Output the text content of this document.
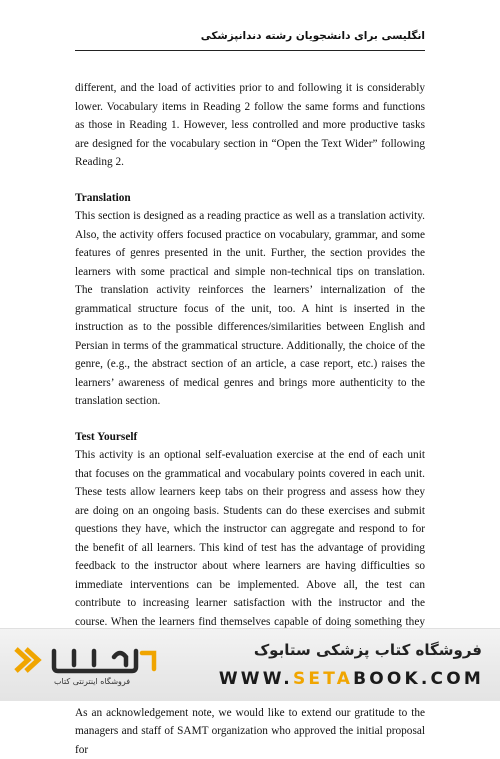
انگلیسی برای دانشجویان رشته دندانپزشکی

different, and the load of activities prior to and following it is considerably lower. Vocabulary items in Reading 2 follow the same forms and functions as those in Reading 1. However, less controlled and more productive tasks are designed for the vocabulary section in “Open the Text Wider” following Reading 2.

Translation

This section is designed as a reading practice as well as a translation activity. Also, the activity offers focused practice on vocabulary, grammar, and some features of genres presented in the unit. Further, the section provides the learners with some practical and simple non-technical tips on translation. The translation activity reinforces the learners’ internalization of the grammatical structure focus of the unit, too. A hint is inserted in the instruction as to the possible differences/similarities between English and Persian in terms of the grammatical structure. Additionally, the choice of the genre, (e.g., the abstract section of an article, a case report, etc.) raises the learners’ awareness of medical genres and brings more authenticity to the translation section.

Test Yourself

This activity is an optional self-evaluation exercise at the end of each unit that focuses on the grammatical and vocabulary points covered in each unit. These tests allow learners keep tabs on their progress and assess how they are doing on an ongoing basis. Students can do these exercises and submit questions they have, which the instructor can aggregate and respond to for the benefit of all learners. This kind of test has the advantage of providing feedback to the instructor about where learners are having difficulties so immediate interventions can be implemented. Above all, the test can contribute to increasing learner satisfaction with the instructor and the course. When the learners find themselves capable of doing something they

As an acknowledgement note, we would like to extend our gratitude to the managers and staff of SAMT organization who approved the initial proposal for

فروشگاه اینترنتی کتاب
فروشگاه کتاب پزشکی ستابوک
WWW.SETABOOK.COM
